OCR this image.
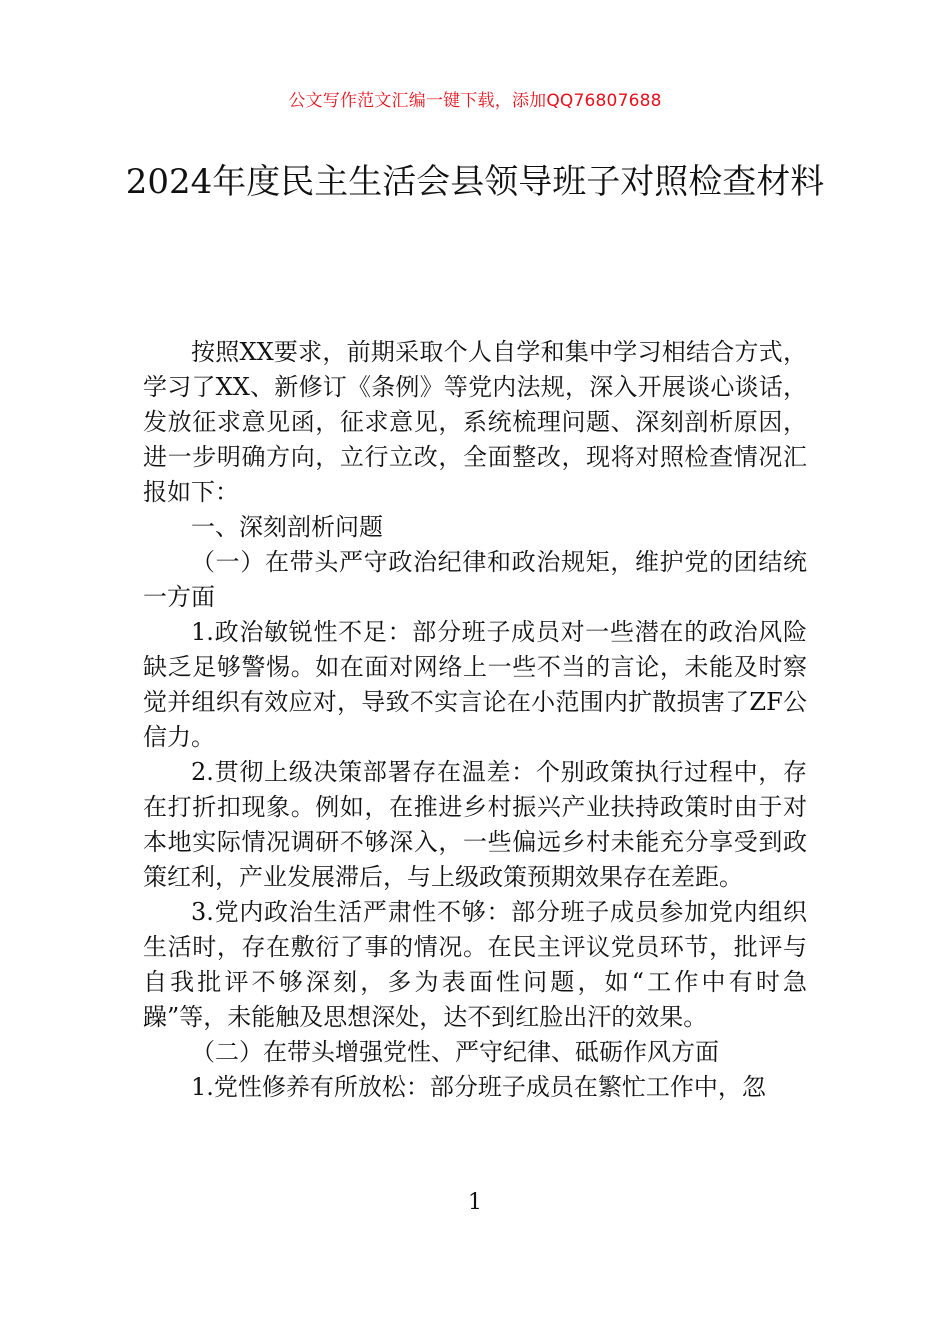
公文写作范文汇编一键下载，添加QQ76807688
2024年度民主生活会县领导班子对照检查材料

按照XX要求，前期采取个人自学和集中学习相结合方式，学习了XX、新修订《条例》等党内法规，深入开展谈心谈话，发放征求意见函，征求意见，系统梳理问题、深刻剖析原因，进一步明确方向，立行立改，全面整改，现将对照检查情况汇报如下：

一、深刻剖析问题

（一）在带头严守政治纪律和政治规矩，维护党的团结统一方面

1.政治敏锐性不足：部分班子成员对一些潜在的政治风险缺乏足够警惕。如在面对网络上一些不当的言论，未能及时察觉并组织有效应对，导致不实言论在小范围内扩散损害了ZF公信力。

2.贯彻上级决策部署存在温差：个别政策执行过程中，存在打折扣现象。例如，在推进乡村振兴产业扶持政策时由于对本地实际情况调研不够深入，一些偏远乡村未能充分享受到政策红利，产业发展滞后，与上级政策预期效果存在差距。

3.党内政治生活严肃性不够：部分班子成员参加党内组织生活时，存在敷衍了事的情况。在民主评议党员环节，批评与自我批评不够深刻，多为表面性问题，如“工作中有时急躁”等，未能触及思想深处，达不到红脸出汗的效果。

（二）在带头增强党性、严守纪律、砥砺作风方面

1.党性修养有所放松：部分班子成员在繁忙工作中，忽

1
